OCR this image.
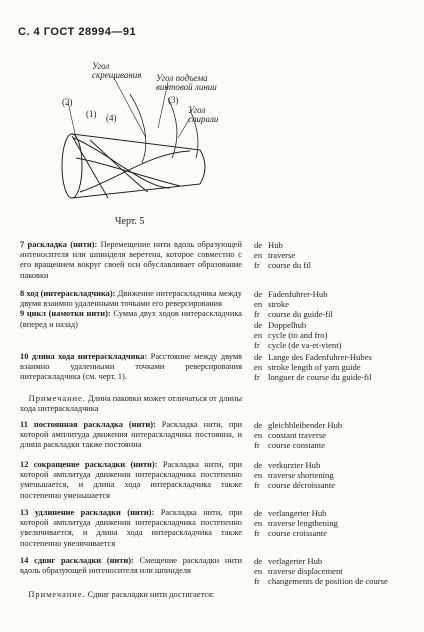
С. 4 ГОСТ 28994—91
Угол скрещивания	Угол подъема винтовой линии
Угол спирали
(2)
(1) (4)
(3)
Черт. 5

7 раскладка (нити): Перемещение нити вдоль образующей интеносителя или шпинделя веретена, которое совместно с его вращением вокруг своей оси обуславливает образование паковки

de Hub
en traverse
fr course du fil

8 ход (интераскладчика): Движение нитераскладчика между двумя взаимно удаленными точками его реверсирования

9 цикл (намотки нити): Сумма двух ходов нитераскладчика (вперед и назад)

de Fadenfuhrer-Hub
en stroke
fr course du guide-fil
de Doppelhub
en cycle (to and fro)
fr cycle (de va-et-vient)

10 длина хода нитераскладчика: Расстояние между двумя взаимно удаленными точками реверсирования нитераскладчика (см. черт. 1).

de Lange des Fadenfuhrer-Hubes
en stroke length of yarn guide
fr longuer de course du guide-fil

Примечание. Длина паковки может отличаться от длины хода нитераскладчика

11 постоянная раскладка (нити): Раскладка нити, при которой амплитуда движения нитераскладчика постоянна, и длина раскладки также постоянна

de gleichbleibender Hub
en constant traverse
fr course constante

12 сокращение раскладки (нити): Раскладка нити, при которой амплитуда движения нитераскладчика постепенно уменьшается, и длина хода интераскладчика также постепенно уменьшается

de verkurzter Hub
en traverse shortening
fr course décroissante

13 удлинение раскладки (нити): Раскладка нити, при которой амплитуда движения нитераскладчика постепенно увеличивается, и длина хода интераскладчика также постепенно увеличивается

de verlangerter Hub
en traverse lengthening
fr course croissante

14 сдвиг раскладки (нити): Смещение раскладки нити вдоль образующей интеносителя или шпинделя

de verlagerter Hub
en traverse displacement
fr changements de position de course

Примечание. Сдвиг раскладки нити достигается:
